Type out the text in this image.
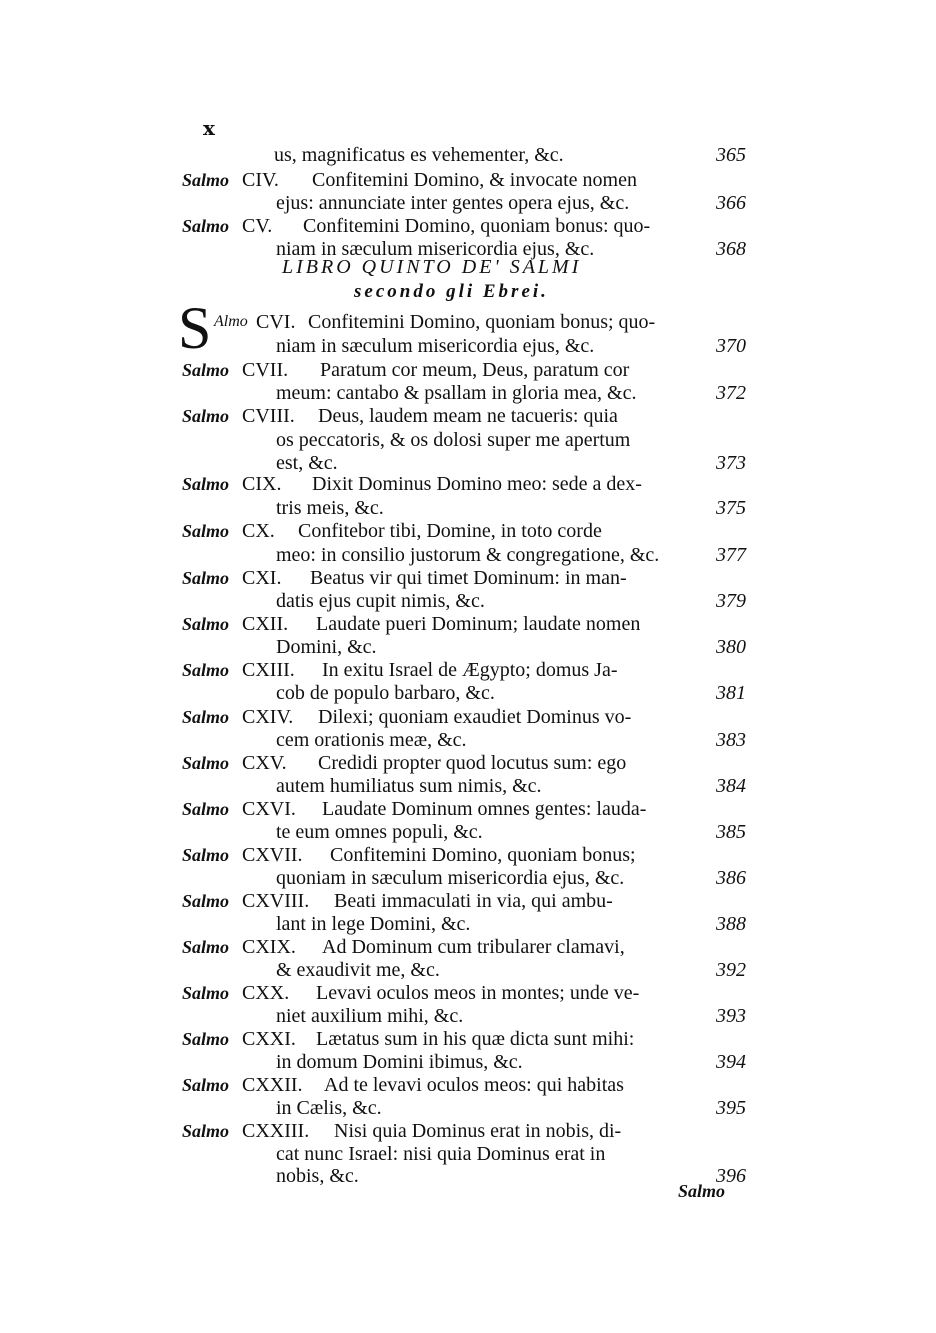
x
LIBRO QUINTO DE' SALMI
secondo gli Ebrei.
S
us, magnificatus es vehementer, &c.	365
Salmo CIV. Confitemini Domino, & invocate nomen
ejus: annunciate inter gentes opera ejus, &c.	366
Salmo CV. Confitemini Domino, quoniam bonus: quo-
niam in sæculum misericordia ejus, &c.	368
Almo CVI. Confitemini Domino, quoniam bonus; quo-
niam in sæculum misericordia ejus, &c.	370
Salmo CVII. Paratum cor meum, Deus, paratum cor
meum: cantabo & psallam in gloria mea, &c.	372
Salmo CVIII. Deus, laudem meam ne tacueris: quia
os peccatoris, & os dolosi super me apertum
est, &c.	373
Salmo CIX. Dixit Dominus Domino meo: sede a dex-
tris meis, &c.	375
Salmo CX. Confitebor tibi, Domine, in toto corde
meo: in consilio justorum & congregatione, &c.	377
Salmo CXI. Beatus vir qui timet Dominum: in man-
datis ejus cupit nimis, &c.	379
Salmo CXII. Laudate pueri Dominum; laudate nomen
Domini, &c.	380
Salmo CXIII. In exitu Israel de Ægypto; domus Ja-
cob de populo barbaro, &c.	381
Salmo CXIV. Dilexi; quoniam exaudiet Dominus vo-
cem orationis meæ, &c.	383
Salmo CXV. Credidi propter quod locutus sum: ego
autem humiliatus sum nimis, &c.	384
Salmo CXVI. Laudate Dominum omnes gentes: lauda-
te eum omnes populi, &c.	385
Salmo CXVII. Confitemini Domino, quoniam bonus;
quoniam in sæculum misericordia ejus, &c.	386
Salmo CXVIII. Beati immaculati in via, qui ambu-
lant in lege Domini, &c.	388
Salmo CXIX. Ad Dominum cum tribularer clamavi,
& exaudivit me, &c.	392
Salmo CXX. Levavi oculos meos in montes; unde ve-
niet auxilium mihi, &c.	393
Salmo CXXI. Lætatus sum in his quæ dicta sunt mihi:
in domum Domini ibimus, &c.	394
Salmo CXXII. Ad te levavi oculos meos: qui habitas
in Cælis, &c.	395
Salmo CXXIII. Nisi quia Dominus erat in nobis, di-
cat nunc Israel: nisi quia Dominus erat in
nobis, &c.	396
Salmo
